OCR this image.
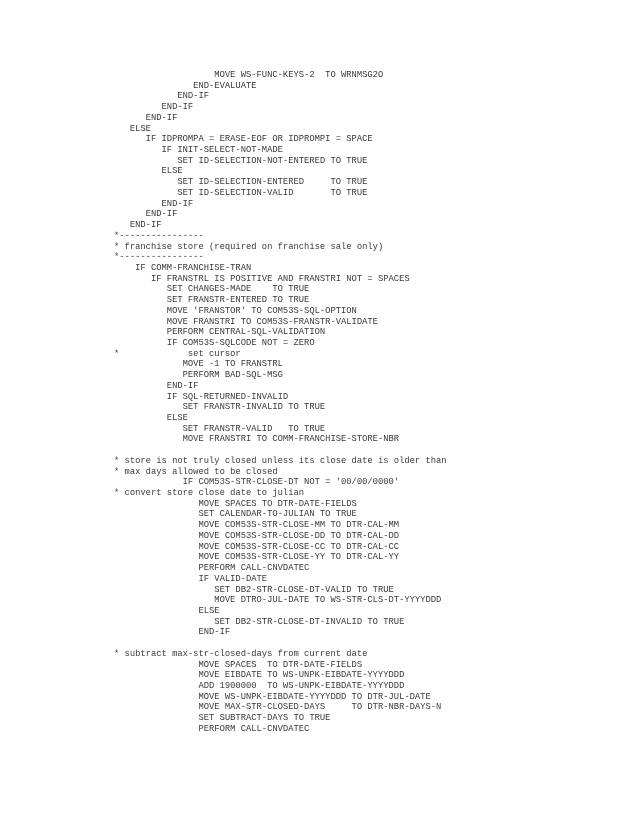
MOVE WS-FUNC-KEYS-2  TO WRNMSG2O
END-EVALUATE
END-IF
END-IF
END-IF
ELSE
IF IDPROMPA = ERASE-EOF OR IDPROMPI = SPACE
IF INIT-SELECT-NOT-MADE
SET ID-SELECTION-NOT-ENTERED TO TRUE
ELSE
SET ID-SELECTION-ENTERED     TO TRUE
SET ID-SELECTION-VALID       TO TRUE
END-IF
END-IF
END-IF
*----------------
* franchise store (required on franchise sale only)
*----------------
IF COMM-FRANCHISE-TRAN
IF FRANSTRL IS POSITIVE AND FRANSTRI NOT = SPACES
SET CHANGES-MADE    TO TRUE
SET FRANSTR-ENTERED TO TRUE
MOVE 'FRANSTOR' TO COM53S-SQL-OPTION
MOVE FRANSTRI TO COM53S-FRANSTR-VALIDATE
PERFORM CENTRAL-SQL-VALIDATION
IF COM53S-SQLCODE NOT = ZERO
*             set cursor
MOVE -1 TO FRANSTRL
PERFORM BAD-SQL-MSG
END-IF
IF SQL-RETURNED-INVALID
SET FRANSTR-INVALID TO TRUE
ELSE
SET FRANSTR-VALID   TO TRUE
MOVE FRANSTRI TO COMM-FRANCHISE-STORE-NBR
* store is not truly closed unless its close date is older than
* max days allowed to be closed
IF COM53S-STR-CLOSE-DT NOT = '00/00/0000'
* convert store close date to julian
MOVE SPACES TO DTR-DATE-FIELDS
SET CALENDAR-TO-JULIAN TO TRUE
MOVE COM53S-STR-CLOSE-MM TO DTR-CAL-MM
MOVE COM53S-STR-CLOSE-DD TO DTR-CAL-DD
MOVE COM53S-STR-CLOSE-CC TO DTR-CAL-CC
MOVE COM53S-STR-CLOSE-YY TO DTR-CAL-YY
PERFORM CALL-CNVDATEC
IF VALID-DATE
SET DB2-STR-CLOSE-DT-VALID TO TRUE
MOVE DTRO-JUL-DATE TO WS-STR-CLS-DT-YYYYDDD
ELSE
SET DB2-STR-CLOSE-DT-INVALID TO TRUE
END-IF
* subtract max-str-closed-days from current date
MOVE SPACES  TO DTR-DATE-FIELDS
MOVE EIBDATE TO WS-UNPK-EIBDATE-YYYYDDD
ADD 1900000  TO WS-UNPK-EIBDATE-YYYYDDD
MOVE WS-UNPK-EIBDATE-YYYYDDD TO DTR-JUL-DATE
MOVE MAX-STR-CLOSED-DAYS     TO DTR-NBR-DAYS-N
SET SUBTRACT-DAYS TO TRUE
PERFORM CALL-CNVDATEC
